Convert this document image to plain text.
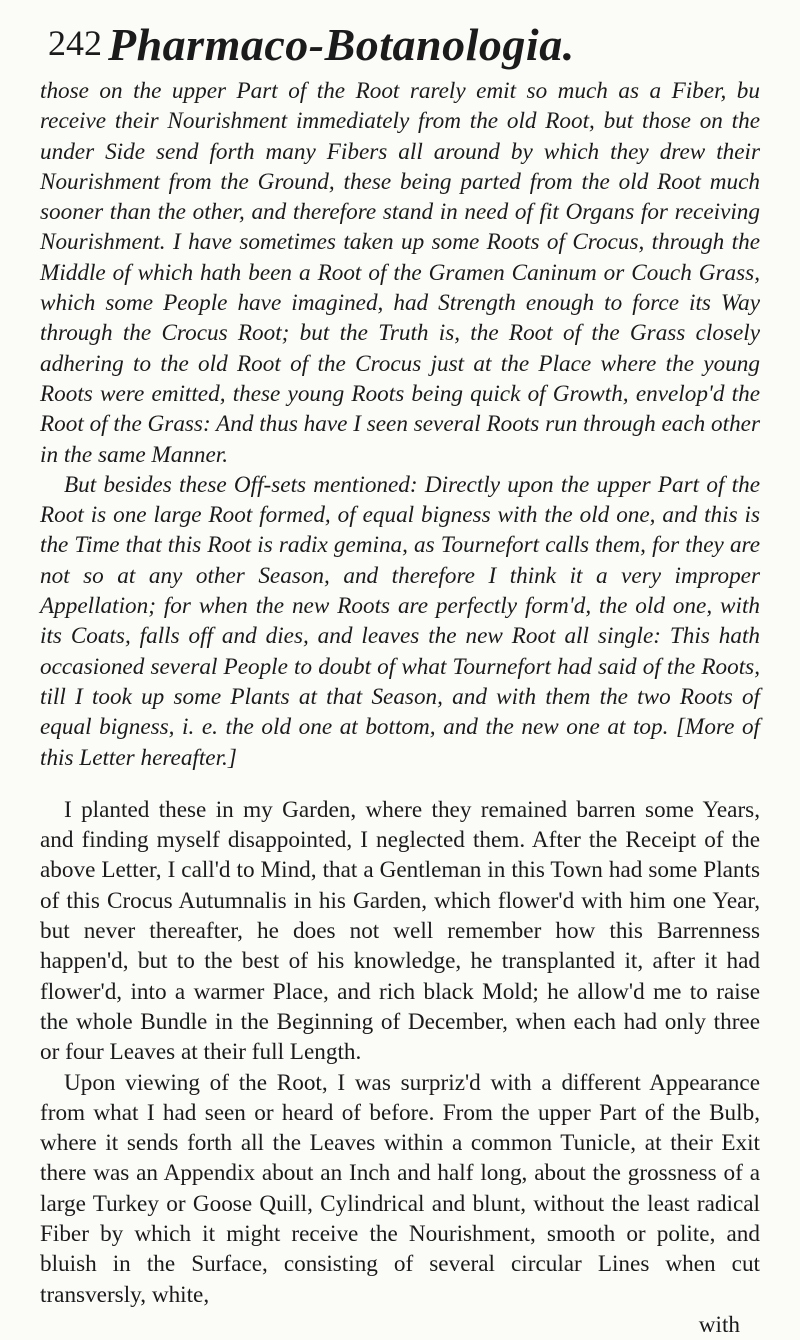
242 Pharmaco-Botanologia.

those on the upper Part of the Root rarely emit so much as a Fiber, bu receive their Nourishment immediately from the old Root, but those on the under Side send forth many Fibers all around by which they drew their Nourishment from the Ground, these being parted from the old Root much sooner than the other, and therefore stand in need of fit Organs for receiving Nourishment. I have sometimes taken up some Roots of Crocus, through the Middle of which hath been a Root of the Gramen Caninum or Couch Grass, which some People have imagined, had Strength enough to force its Way through the Crocus Root; but the Truth is, the Root of the Grass closely adhering to the old Root of the Crocus just at the Place where the young Roots were emitted, these young Roots being quick of Growth, envelop'd the Root of the Grass: And thus have I seen several Roots run through each other in the same Manner.

But besides these Off-sets mentioned: Directly upon the upper Part of the Root is one large Root formed, of equal bigness with the old one, and this is the Time that this Root is radix gemina, as Tournefort calls them, for they are not so at any other Season, and therefore I think it a very improper Appellation; for when the new Roots are perfectly form'd, the old one, with its Coats, falls off and dies, and leaves the new Root all single: This hath occasioned several People to doubt of what Tournefort had said of the Roots, till I took up some Plants at that Season, and with them the two Roots of equal bigness, i. e. the old one at bottom, and the new one at top. [More of this Letter hereafter.]

I planted these in my Garden, where they remained barren some Years, and finding myself disappointed, I neglected them. After the Receipt of the above Letter, I call'd to Mind, that a Gentleman in this Town had some Plants of this Crocus Autumnalis in his Garden, which flower'd with him one Year, but never thereafter, he does not well remember how this Barrenness happen'd, but to the best of his knowledge, he transplanted it, after it had flower'd, into a warmer Place, and rich black Mold; he allow'd me to raise the whole Bundle in the Beginning of December, when each had only three or four Leaves at their full Length.

Upon viewing of the Root, I was surpriz'd with a different Appearance from what I had seen or heard of before. From the upper Part of the Bulb, where it sends forth all the Leaves within a common Tunicle, at their Exit there was an Appendix about an Inch and half long, about the grossness of a large Turkey or Goose Quill, Cylindrical and blunt, without the least radical Fiber by which it might receive the Nourishment, smooth or polite, and bluish in the Surface, consisting of several circular Lines when cut transversly, white,

with
